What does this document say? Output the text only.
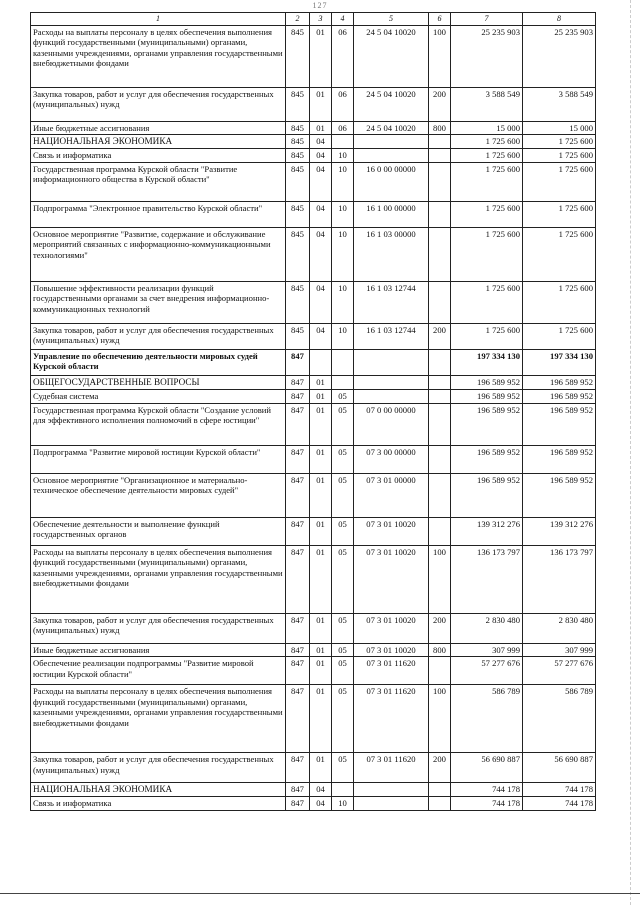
127
1	2	3	4	5	6	7	8
Расходы на выплаты персоналу в целях обеспечения выполнения функций государственными (муниципальными) органами, казенными учреждениями, органами управления государственными внебюджетными фондами	845	01	06	24 5 04 10020	100	25 235 903	25 235 903
Закупка товаров, работ и услуг для обеспечения государственных (муниципальных) нужд	845	01	06	24 5 04 10020	200	3 588 549	3 588 549
Иные бюджетные ассигнования	845	01	06	24 5 04 10020	800	15 000	15 000
НАЦИОНАЛЬНАЯ ЭКОНОМИКА	845	04				1 725 600	1 725 600
Связь и информатика	845	04	10			1 725 600	1 725 600
Государственная программа Курской области "Развитие информационного общества в Курской области"	845	04	10	16 0 00 00000		1 725 600	1 725 600
Подпрограмма "Электронное правительство Курской области"	845	04	10	16 1 00 00000		1 725 600	1 725 600
Основное мероприятие "Развитие, содержание и обслуживание мероприятий связанных с информационно-коммуникационными технологиями"	845	04	10	16 1 03 00000		1 725 600	1 725 600
Повышение эффективности реализации функций государственными органами за счет внедрения информационно-коммуникационных технологий	845	04	10	16 1 03 12744		1 725 600	1 725 600
Закупка товаров, работ и услуг для обеспечения государственных (муниципальных) нужд	845	04	10	16 1 03 12744	200	1 725 600	1 725 600
Управление по обеспечению деятельности мировых судей Курской области	847					197 334 130	197 334 130
ОБЩЕГОСУДАРСТВЕННЫЕ ВОПРОСЫ	847	01				196 589 952	196 589 952
Судебная система	847	01	05			196 589 952	196 589 952
Государственная программа Курской области "Создание условий для эффективного исполнения полномочий в сфере юстиции"	847	01	05	07 0 00 00000		196 589 952	196 589 952
Подпрограмма "Развитие мировой юстиции Курской области"	847	01	05	07 3 00 00000		196 589 952	196 589 952
Основное мероприятие "Организационное и материально-техническое обеспечение деятельности мировых судей"	847	01	05	07 3 01 00000		196 589 952	196 589 952
Обеспечение деятельности и выполнение функций государственных органов	847	01	05	07 3 01 10020		139 312 276	139 312 276
Расходы на выплаты персоналу в целях обеспечения выполнения функций государственными (муниципальными) органами, казенными учреждениями, органами управления государственными внебюджетными фондами	847	01	05	07 3 01 10020	100	136 173 797	136 173 797
Закупка товаров, работ и услуг для обеспечения государственных (муниципальных) нужд	847	01	05	07 3 01 10020	200	2 830 480	2 830 480
Иные бюджетные ассигнования	847	01	05	07 3 01 10020	800	307 999	307 999
Обеспечение реализации подпрограммы "Развитие мировой юстиции Курской области"	847	01	05	07 3 01 11620		57 277 676	57 277 676
Расходы на выплаты персоналу в целях обеспечения выполнения функций государственными (муниципальными) органами, казенными учреждениями, органами управления государственными внебюджетными фондами	847	01	05	07 3 01 11620	100	586 789	586 789
Закупка товаров, работ и услуг для обеспечения государственных (муниципальных) нужд	847	01	05	07 3 01 11620	200	56 690 887	56 690 887
НАЦИОНАЛЬНАЯ ЭКОНОМИКА	847	04				744 178	744 178
Связь и информатика	847	04	10			744 178	744 178
